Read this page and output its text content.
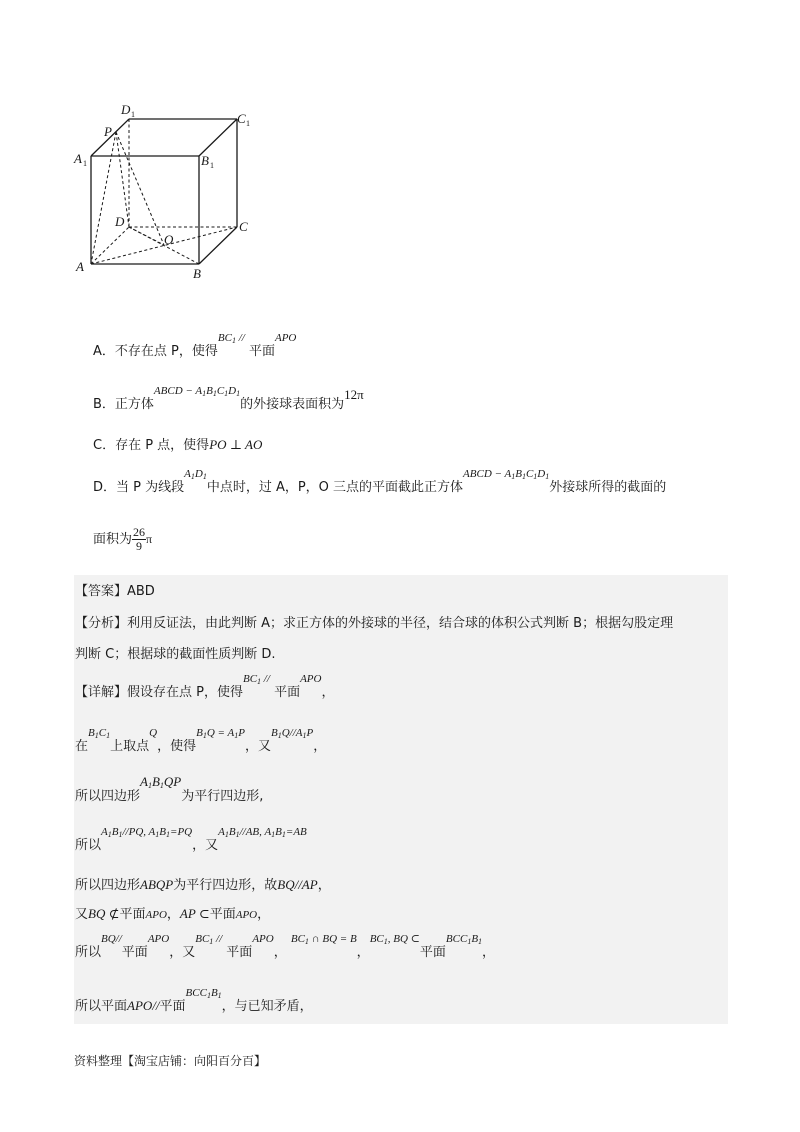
D 1	C 1
P
A 1	B 1
D	C
O
A	B
A．不存在点 P，使得$^{BC_1 //}$ 平面$^{APO}$
B．正方体$^{ABCD - A_1B_1C_1D_1}$的外接球表面积为12π
C．存在 P 点，使得PO ⊥ AO
D．当 P 为线段$^{A_1D_1}$中点时，过 A，P，O 三点的平面截此正方体$^{ABCD - A_1B_1C_1D_1}$外接球所得的截面的
面积为 $\frac{26}{9}$ π
【答案】ABD
【分析】利用反证法，由此判断 A；求正方体的外接球的半径，结合球的体积公式判断 B；根据勾股定理
判断 C；根据球的截面性质判断 D.
【详解】假设存在点 P，使得$^{BC_1 //}$ 平面$^{APO}$，
在$^{B_1C_1}$上取点$^Q$，使得$^{B_1Q = A_1P}$，又$^{B_1Q//A_1P}$，
所以四边形$A_1B_1QP$为平行四边形,
所以$^{A_1B_1//PQ, A_1B_1=PQ}$，又$^{A_1B_1//AB, A_1B_1=AB}$
所以四边形ABQP为平行四边形，故BQ//AP，
又BQ ⊄平面APO，AP ⊂平面APO，
所以$^{BQ//}$平面$^{APO}$，又$^{BC_1 //}$ 平面$^{APO}$， $^{BC_1 \cap BQ = B}$，$^{BC_1, BQ \subset}$平面$^{BCC_1B_1}$，
所以平面APO//平面$^{BCC_1B_1}$，与已知矛盾，
资料整理【淘宝店铺：向阳百分百】
